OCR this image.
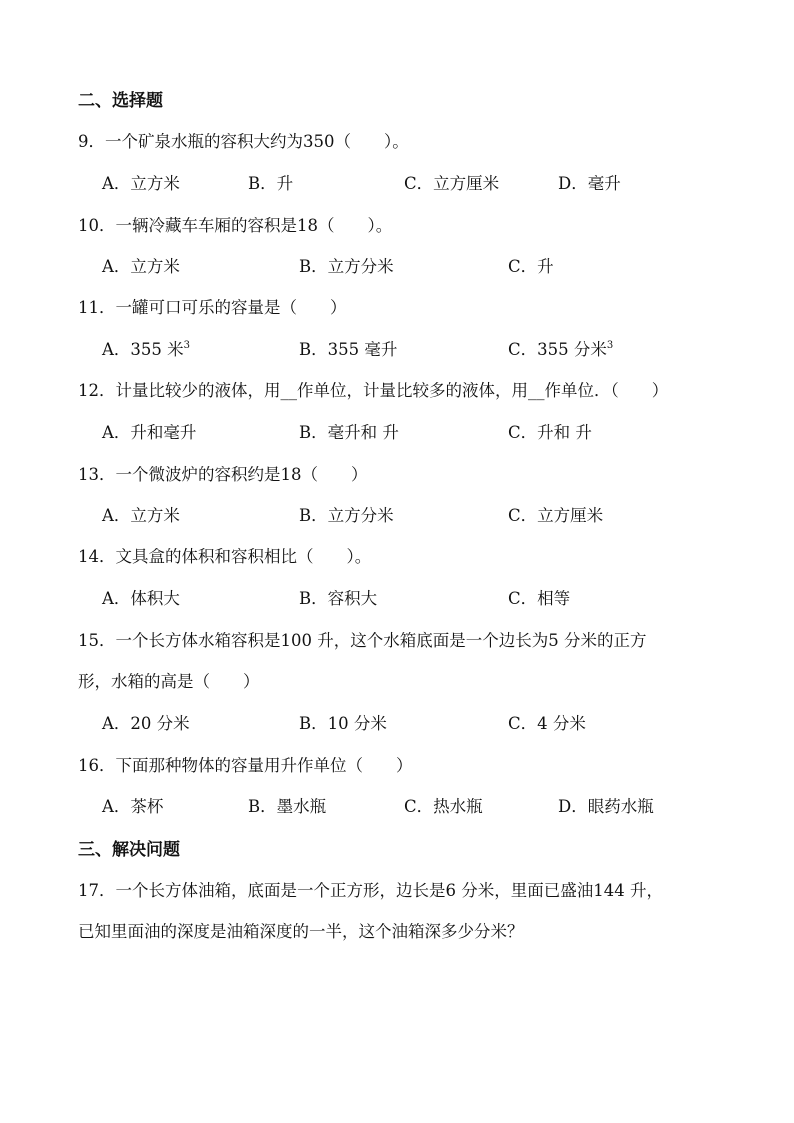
二、选择题
9．一个矿泉水瓶的容积大约为350（　　）。
A．立方米	B．升	C．立方厘米	D．毫升
10．一辆冷藏车车厢的容积是18（　　）。
A．立方米	B．立方分米	C．升
11．一罐可口可乐的容量是（　　）
A．355 米$^3$	B．355 毫升	C．355 分米$^3$
12．计量比较少的液体，用__作单位，计量比较多的液体，用__作单位．（　　）
A．升和毫升	B．毫升和 升	C．升和 升
13．一个微波炉的容积约是18（　　）
A．立方米	B．立方分米	C．立方厘米
14．文具盒的体积和容积相比（　　）。
A．体积大	B．容积大	C．相等
15．一个长方体水箱容积是100 升，这个水箱底面是一个边长为5 分米的正方
形，水箱的高是（　　）
A．20 分米	B．10 分米	C．4 分米
16．下面那种物体的容量用升作单位（　　）
A．茶杯	B．墨水瓶	C．热水瓶	D．眼药水瓶
三、解决问题
17．一个长方体油箱，底面是一个正方形，边长是6 分米，里面已盛油144 升，
已知里面油的深度是油箱深度的一半，这个油箱深多少分米？
